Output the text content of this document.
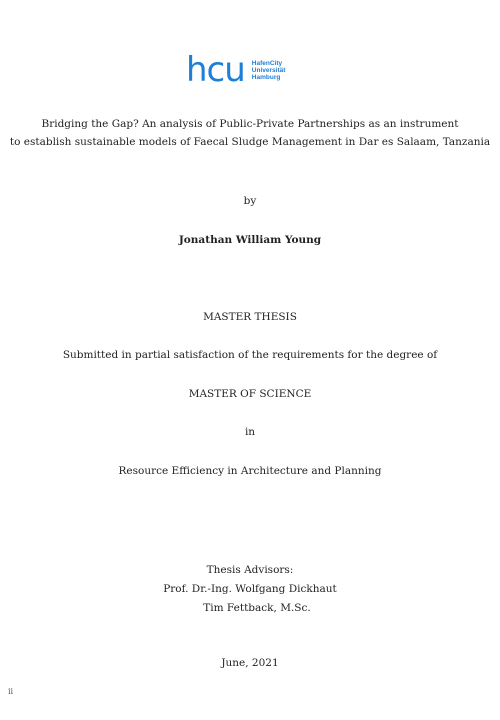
hcu HafenCity
Universität
Hamburg
Bridging the Gap? An analysis of Public-Private Partnerships as an instrument
to establish sustainable models of Faecal Sludge Management in Dar es Salaam, Tanzania
by
Jonathan William Young
MASTER THESIS
Submitted in partial satisfaction of the requirements for the degree of
MASTER OF SCIENCE
in
Resource Efficiency in Architecture and Planning
Thesis Advisors:
Prof. Dr.-Ing. Wolfgang Dickhaut
Tim Fettback, M.Sc.
June, 2021
ii
